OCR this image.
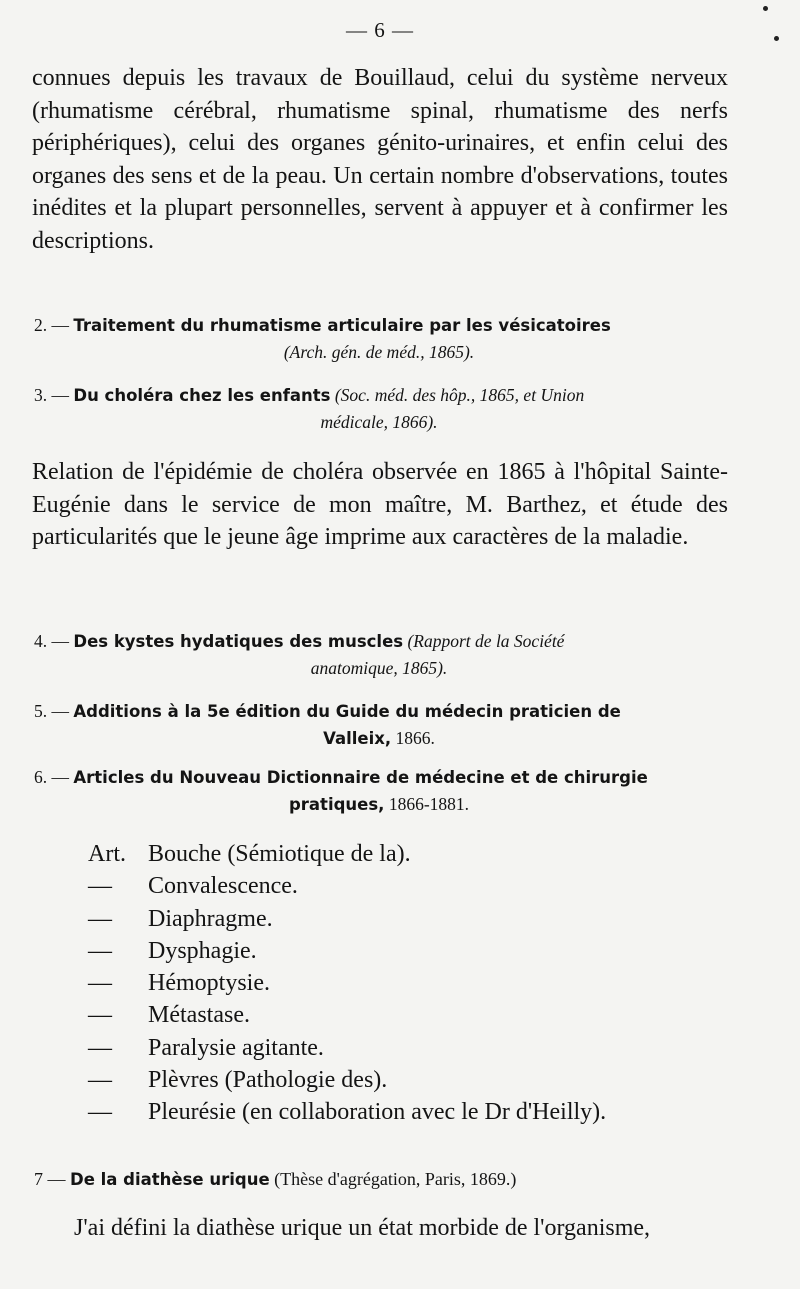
— 6 —
connues depuis les travaux de Bouillaud, celui du système nerveux (rhumatisme cérébral, rhumatisme spinal, rhumatisme des nerfs périphériques), celui des organes génito-urinaires, et enfin celui des organes des sens et de la peau. Un certain nombre d'observations, toutes inédites et la plupart personnelles, servent à appuyer et à confirmer les descriptions.
2. — Traitement du rhumatisme articulaire par les vésicatoires
(Arch. gén. de méd., 1865).
3. — Du choléra chez les enfants (Soc. méd. des hôp., 1865, et Union
médicale, 1866).
Relation de l'épidémie de choléra observée en 1865 à l'hôpital Sainte-Eugénie dans le service de mon maître, M. Barthez, et étude des particularités que le jeune âge imprime aux caractères de la maladie.
4. — Des kystes hydatiques des muscles (Rapport de la Société
anatomique, 1865).
5. — Additions à la 5e édition du Guide du médecin praticien de
Valleix, 1866.
6. — Articles du Nouveau Dictionnaire de médecine et de chirurgie
pratiques, 1866-1881.
Art. Bouche (Sémiotique de la).
—	Convalescence.
—	Diaphragme.
—	Dysphagie.
—	Hémoptysie.
—	Métastase.
—	Paralysie agitante.
—	Plèvres (Pathologie des).
—	Pleurésie (en collaboration avec le Dr d'Heilly).
7 — De la diathèse urique (Thèse d'agrégation, Paris, 1869.)
J'ai défini la diathèse urique un état morbide de l'organisme,
